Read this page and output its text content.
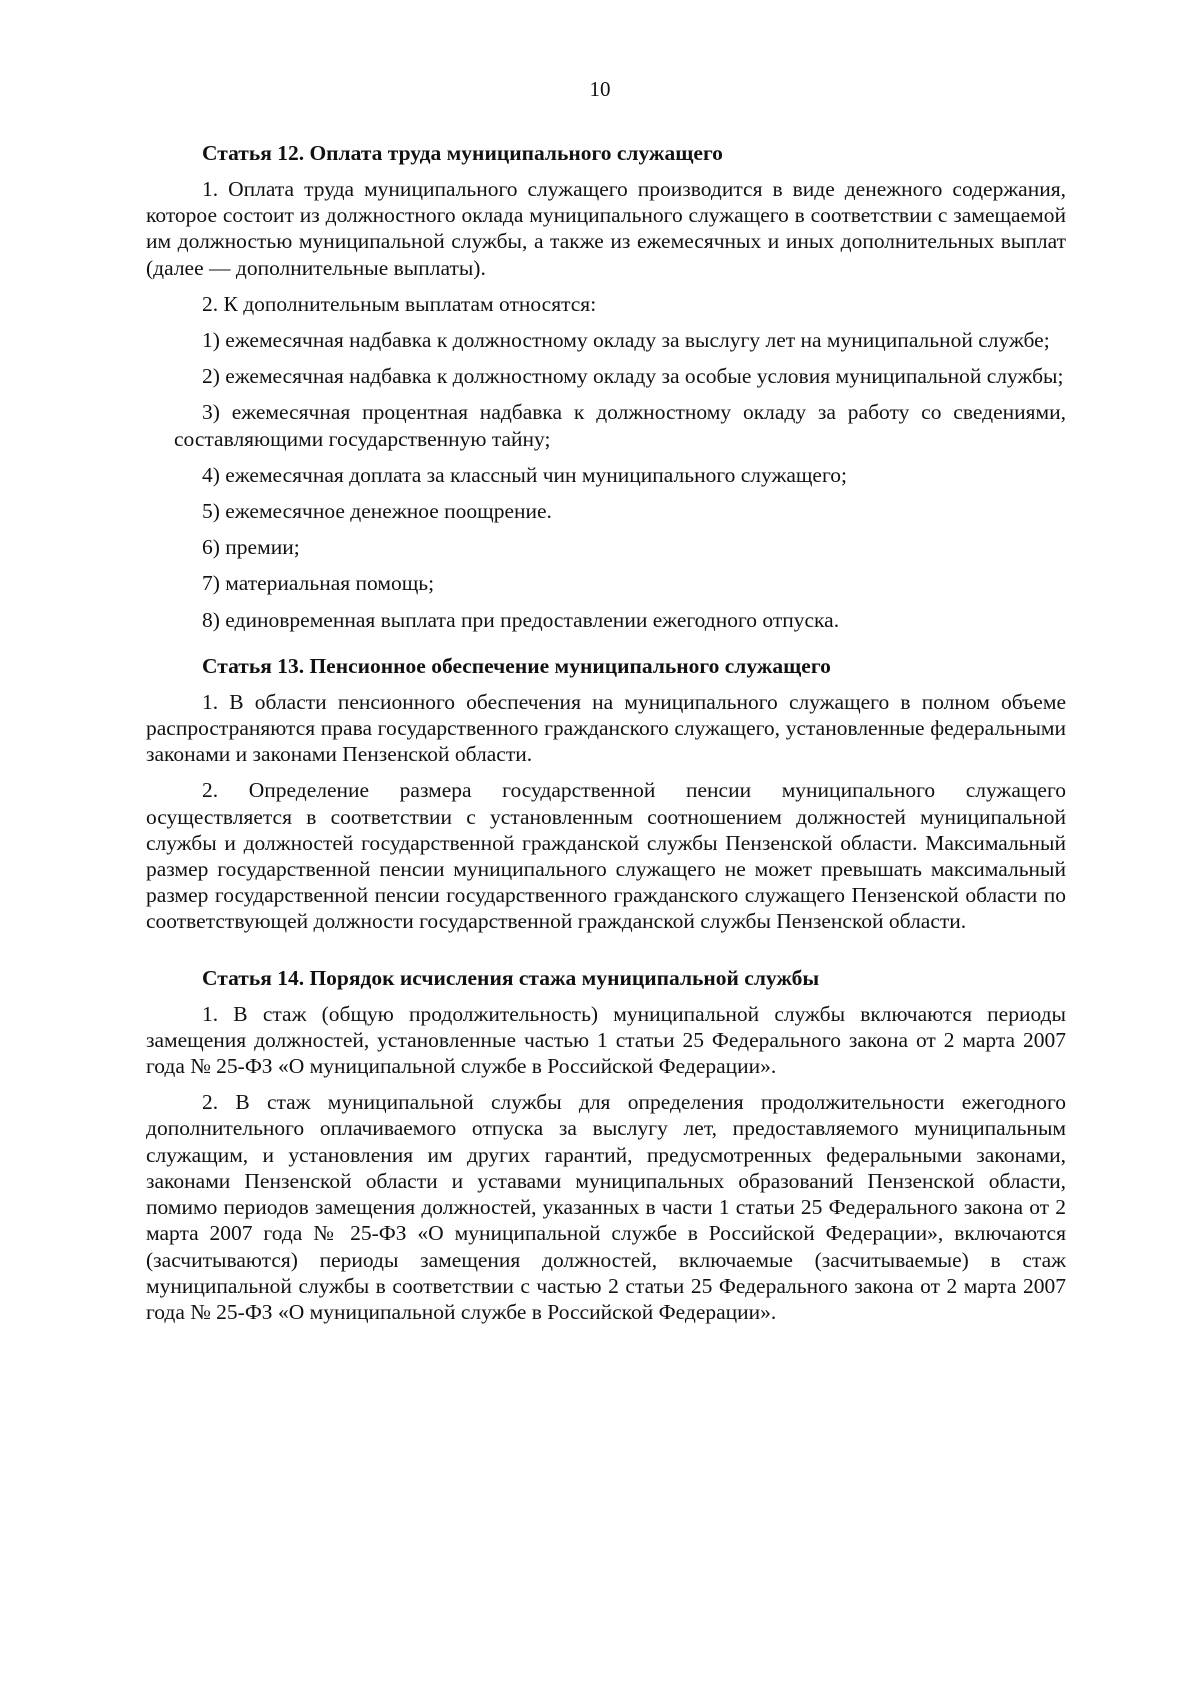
10

Статья 12. Оплата труда муниципального служащего

1. Оплата труда муниципального служащего производится в виде денежного содержания, которое состоит из должностного оклада муниципального служащего в соответствии с замещаемой им должностью муниципальной службы, а также из ежемесячных и иных дополнительных выплат (далее — дополнительные выплаты).

2. К дополнительным выплатам относятся:

1) ежемесячная надбавка к должностному окладу за выслугу лет на муниципальной службе;

2) ежемесячная надбавка к должностному окладу за особые условия муниципальной службы;

3) ежемесячная процентная надбавка к должностному окладу за работу со сведениями, составляющими государственную тайну;

4) ежемесячная доплата за классный чин муниципального служащего;

5) ежемесячное денежное поощрение.

6) премии;

7) материальная помощь;

8) единовременная выплата при предоставлении ежегодного отпуска.

Статья 13. Пенсионное обеспечение муниципального служащего

1. В области пенсионного обеспечения на муниципального служащего в полном объеме распространяются права государственного гражданского служащего, установленные федеральными законами и законами Пензенской области.

2. Определение размера государственной пенсии муниципального служащего осуществляется в соответствии с установленным соотношением должностей муниципальной службы и должностей государственной гражданской службы Пензенской области. Максимальный размер государственной пенсии муниципального служащего не может превышать максимальный размер государственной пенсии государственного гражданского служащего Пензенской области по соответствующей должности государственной гражданской службы Пензенской области.

Статья 14. Порядок исчисления стажа муниципальной службы

1. В стаж (общую продолжительность) муниципальной службы включаются периоды замещения должностей, установленные частью 1 статьи 25 Федерального закона от 2 марта 2007 года № 25-ФЗ «О муниципальной службе в Российской Федерации».

2. В стаж муниципальной службы для определения продолжительности ежегодного дополнительного оплачиваемого отпуска за выслугу лет, предоставляемого муниципальным служащим, и установления им других гарантий, предусмотренных федеральными законами, законами Пензенской области и уставами муниципальных образований Пензенской области, помимо периодов замещения должностей, указанных в части 1 статьи 25 Федерального закона от 2 марта 2007 года № 25-ФЗ «О муниципальной службе в Российской Федерации», включаются (засчитываются) периоды замещения должностей, включаемые (засчитываемые) в стаж муниципальной службы в соответствии с частью 2 статьи 25 Федерального закона от 2 марта 2007 года № 25-ФЗ «О муниципальной службе в Российской Федерации».
